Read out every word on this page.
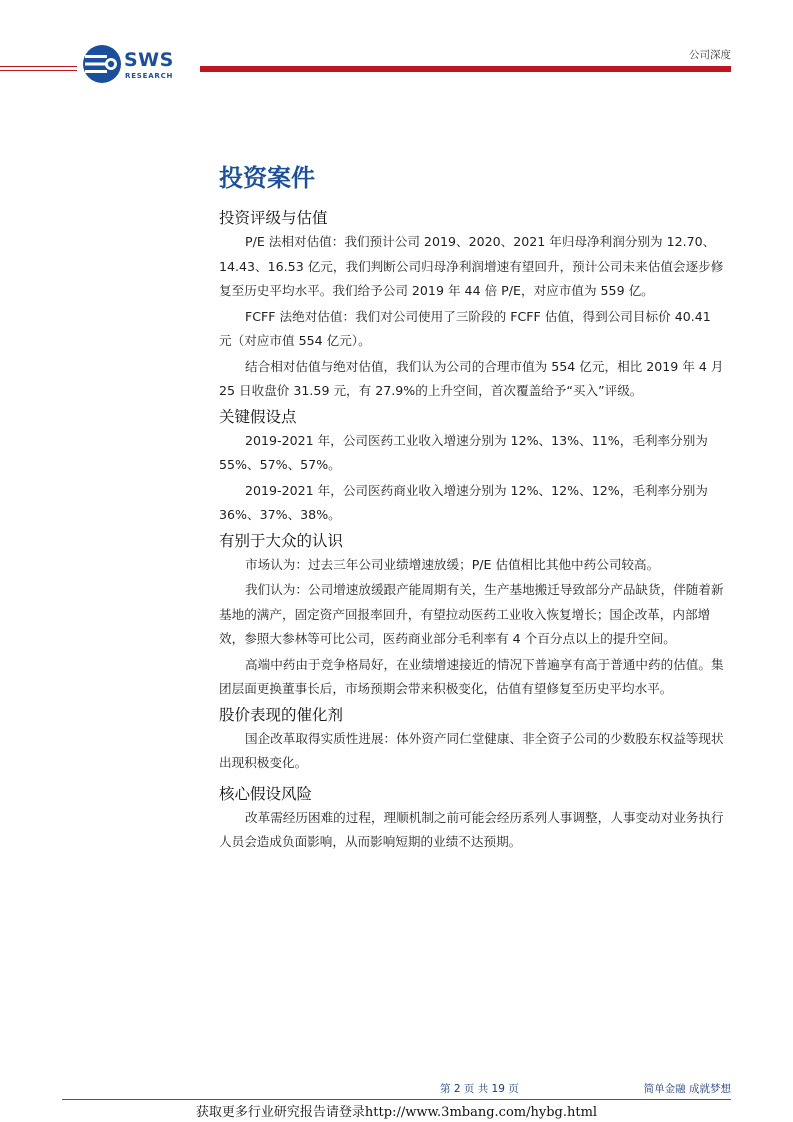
SWS
RESEARCH
公司深度
投资案件
投资评级与估值

P/E 法相对估值：我们预计公司 2019、2020、2021 年归母净利润分别为 12.70、14.43、16.53 亿元，我们判断公司归母净利润增速有望回升，预计公司未来估值会逐步修复至历史平均水平。我们给予公司 2019 年 44 倍 P/E，对应市值为 559 亿。

FCFF 法绝对估值：我们对公司使用了三阶段的 FCFF 估值，得到公司目标价 40.41 元（对应市值 554 亿元）。

结合相对估值与绝对估值，我们认为公司的合理市值为 554 亿元，相比 2019 年 4 月 25 日收盘价 31.59 元，有 27.9%的上升空间，首次覆盖给予“买入”评级。

关键假设点

2019-2021 年，公司医药工业收入增速分别为 12%、13%、11%，毛利率分别为 55%、57%、57%。

2019-2021 年，公司医药商业收入增速分别为 12%、12%、12%，毛利率分别为 36%、37%、38%。

有别于大众的认识

市场认为：过去三年公司业绩增速放缓；P/E 估值相比其他中药公司较高。

我们认为：公司增速放缓跟产能周期有关，生产基地搬迁导致部分产品缺货，伴随着新基地的满产，固定资产回报率回升，有望拉动医药工业收入恢复增长；国企改革，内部增效，参照大参林等可比公司，医药商业部分毛利率有 4 个百分点以上的提升空间。

高端中药由于竞争格局好，在业绩增速接近的情况下普遍享有高于普通中药的估值。集团层面更换董事长后，市场预期会带来积极变化，估值有望修复至历史平均水平。

股价表现的催化剂

国企改革取得实质性进展：体外资产同仁堂健康、非全资子公司的少数股东权益等现状出现积极变化。

核心假设风险

改革需经历困难的过程，理顺机制之前可能会经历系列人事调整，人事变动对业务执行人员会造成负面影响，从而影响短期的业绩不达预期。

第 2 页 共 19 页	简单金融 成就梦想
获取更多行业研究报告请登录http://www.3mbang.com/hybg.html
